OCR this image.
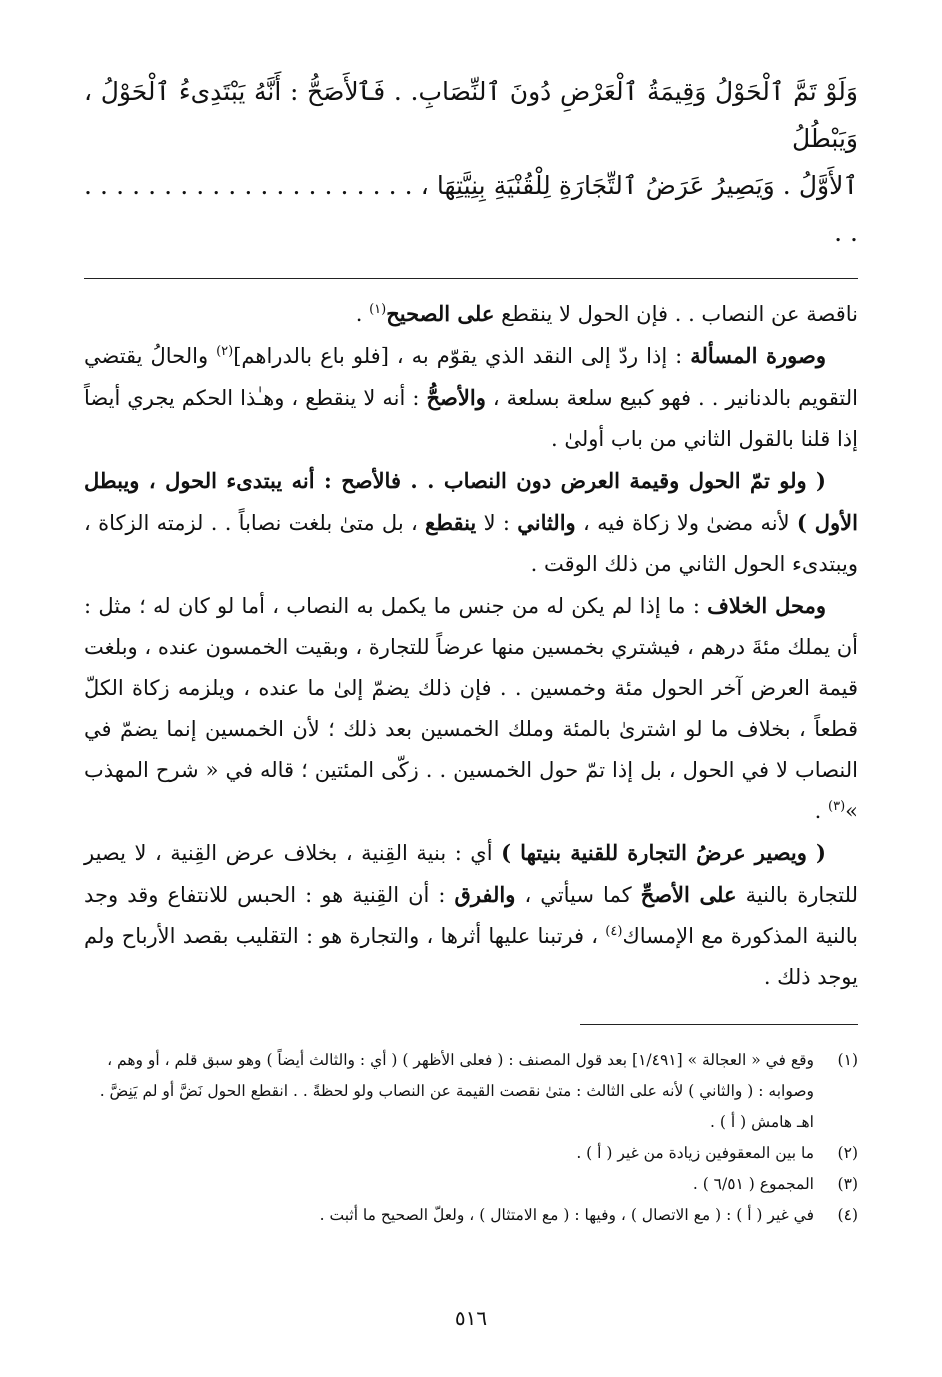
وَلَوْ تَمَّ ٱلْحَوْلُ وَقِيمَةُ ٱلْعَرْضِ دُونَ ٱلنِّصَابِ. . فَٱلأَصَحُّ : أَنَّهُ يَبْتَدِىءُ ٱلْحَوْلُ ، وَيَبْطُلُ

ٱلأَوَّلُ . وَيَصِيرُ عَرَضُ ٱلتِّجَارَةِ لِلْقُنْيَةِ بِنِيَّتِهَا ، . . . . . . . . . . . . . . . . . . . . . . .

ناقصة عن النصاب . . فإن الحول لا ينقطع على الصحيح$^{(١)}$ .

وصورة المسألة : إذا ردّ إلى النقد الذي يقوّم به ، [فلو باع بالدراهم]$^{(٢)}$ والحالُ يقتضي التقويم بالدنانير . . فهو كبيع سلعة بسلعة ، والأصحُّ : أنه لا ينقطع ، وهـٰذا الحكم يجري أيضاً إذا قلنا بالقول الثاني من باب أولىٰ .

( ولو تمّ الحول وقيمة العرض دون النصاب . . فالأصح : أنه يبتدىء الحول ، ويبطل الأول ) لأنه مضىٰ ولا زكاة فيه ، والثاني : لا ينقطع ، بل متىٰ بلغت نصاباً . . لزمته الزكاة ، ويبتدىء الحول الثاني من ذلك الوقت .

ومحل الخلاف : ما إذا لم يكن له من جنس ما يكمل به النصاب ، أما لو كان له ؛ مثل : أن يملك مئةَ درهم ، فيشتري بخمسين منها عرضاً للتجارة ، وبقيت الخمسون عنده ، وبلغت قيمة العرض آخر الحول مئة وخمسين . . فإن ذلك يضمّ إلىٰ ما عنده ، ويلزمه زكاة الكلّ قطعاً ، بخلاف ما لو اشترىٰ بالمئة وملك الخمسين بعد ذلك ؛ لأن الخمسين إنما يضمّ في النصاب لا في الحول ، بل إذا تمّ حول الخمسين . . زكّى المئتين ؛ قاله في « شرح المهذب »$^{(٣)}$ .

( ويصير عرضُ التجارة للقنية بنيتها ) أي : بنية القِنية ، بخلاف عرض القِنية ، لا يصير للتجارة بالنية على الأصحِّ كما سيأتي ، والفرق : أن القِنية هو : الحبس للانتفاع وقد وجد بالنية المذكورة مع الإمساك$^{(٤)}$ ، فرتبنا عليها أثرها ، والتجارة هو : التقليب بقصد الأرباح ولم يوجد ذلك .

(١)
وقع في « العجالة » [١/٤٩١] بعد قول المصنف : ( فعلى الأظهر ) ( أي : والثالث أيضاً ) وهو سبق قلم ، أو وهم ، وصوابه : ( والثاني ) لأنه على الثالث : متىٰ نقصت القيمة عن النصاب ولو لحظةً . . انقطع الحول نَضَّ أو لم يَنِضَّ . اهـ هامش ( أ ) .

(٢)
ما بين المعقوفين زيادة من غير ( أ ) .

(٣)
المجموع ( ٦/٥١ ) .

(٤)
في غير ( أ ) : ( مع الاتصال ) ، وفيها : ( مع الامتثال ) ، ولعلّ الصحيح ما أثبت .

٥١٦
